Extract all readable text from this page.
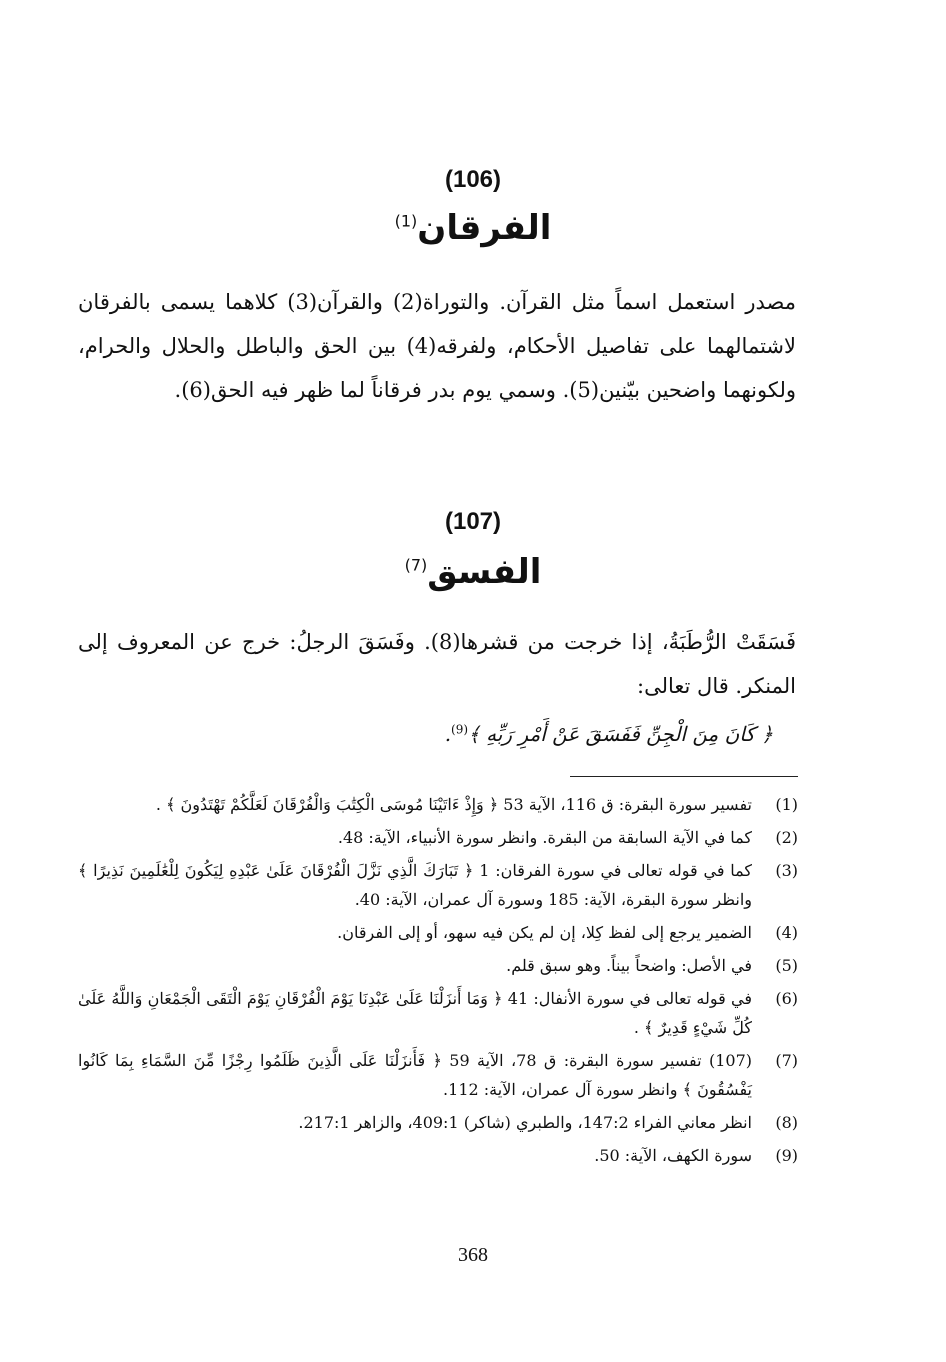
(106)
الفرقان$^{(1)}$
مصدر استعمل اسماً مثل القرآن. والتوراة(2) والقرآن(3) كلاهما يسمى بالفرقان لاشتمالهما على تفاصيل الأحكام، ولفرقه(4) بين الحق والباطل والحلال والحرام، ولكونهما واضحين بيّنين(5). وسمي يوم بدر فرقاناً لما ظهر فيه الحق(6).
(107)
الفسق$^{(7)}$
فَسَقَتْ الرُّطَبَةُ، إذا خرجت من قشرها(8). وفَسَقَ الرجلُ: خرج عن المعروف إلى المنكر. قال تعالى:
﴿ كَانَ مِنَ الْجِنِّ فَفَسَقَ عَنْ أَمْرِ رَبِّهِ ﴾$^{(9)}$.
(1)
تفسير سورة البقرة: ق 116، الآية 53 ﴿ وَإِذْ ءَاتَيْنَا مُوسَى الْكِتَٰبَ وَالْفُرْقَانَ لَعَلَّكُمْ تَهْتَدُونَ ﴾ .
(2)
كما في الآية السابقة من البقرة. وانظر سورة الأنبياء، الآية: 48.
(3)
كما في قوله تعالى في سورة الفرقان: 1 ﴿ تَبَارَكَ الَّذِي نَزَّلَ الْفُرْقَانَ عَلَىٰ عَبْدِهِ لِيَكُونَ لِلْعَٰلَمِينَ نَذِيرًا ﴾ وانظر سورة البقرة، الآية: 185 وسورة آل عمران، الآية: 40.
(4)
الضمير يرجع إلى لفظ كِلا، إن لم يكن فيه سهو، أو إلى الفرقان.
(5)
في الأصل: واضحاً بيناً. وهو سبق قلم.
(6)
في قوله تعالى في سورة الأنفال: 41 ﴿ وَمَا أَنزَلْنَا عَلَىٰ عَبْدِنَا يَوْمَ الْفُرْقَانِ يَوْمَ الْتَقَى الْجَمْعَانِ وَاللَّهُ عَلَىٰ كُلِّ شَيْءٍ قَدِيرٌ ﴾ .
(7)
(107) تفسير سورة البقرة: ق 78، الآية 59 ﴿ فَأَنزَلْنَا عَلَى الَّذِينَ ظَلَمُوا رِجْزًا مِّنَ السَّمَاءِ بِمَا كَانُوا يَفْسُقُونَ ﴾ وانظر سورة آل عمران، الآية: 112.
(8)
انظر معاني الفراء 147:2، والطبري (شاكر) 409:1، والزاهر 217:1.
(9)
سورة الكهف، الآية: 50.
368
